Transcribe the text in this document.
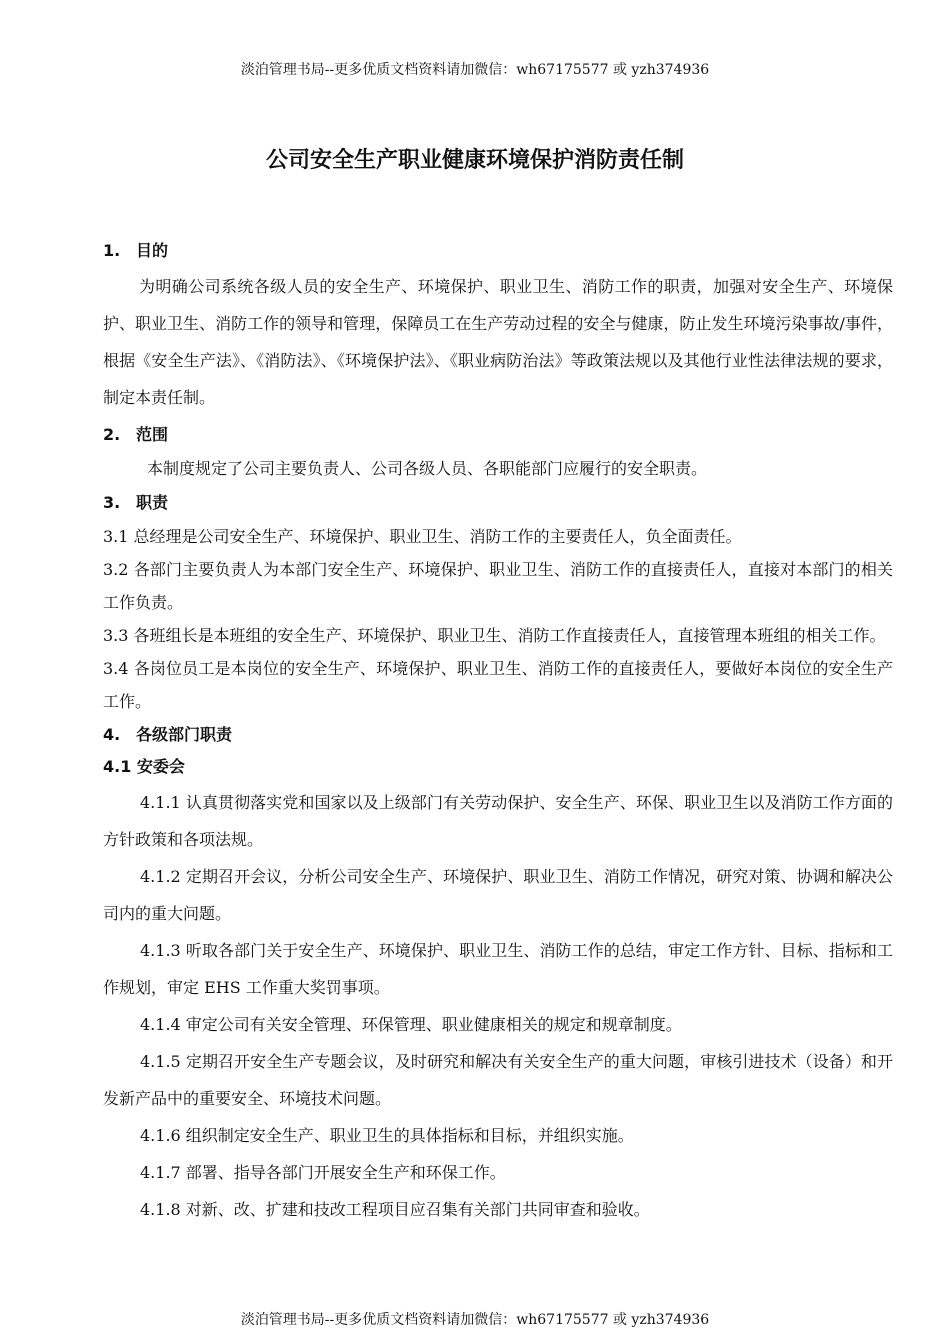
淡泊管理书局--更多优质文档资料请加微信：wh67175577 或 yzh374936
公司安全生产职业健康环境保护消防责任制
1. 目的

为明确公司系统各级人员的安全生产、环境保护、职业卫生、消防工作的职责，加强对安全生产、环境保护、职业卫生、消防工作的领导和管理，保障员工在生产劳动过程的安全与健康，防止发生环境污染事故/事件，根据《安全生产法》、《消防法》、《环境保护法》、《职业病防治法》等政策法规以及其他行业性法律法规的要求，制定本责任制。

2. 范围

本制度规定了公司主要负责人、公司各级人员、各职能部门应履行的安全职责。

3. 职责

3.1 总经理是公司安全生产、环境保护、职业卫生、消防工作的主要责任人，负全面责任。

3.2 各部门主要负责人为本部门安全生产、环境保护、职业卫生、消防工作的直接责任人，直接对本部门的相关工作负责。

3.3 各班组长是本班组的安全生产、环境保护、职业卫生、消防工作直接责任人，直接管理本班组的相关工作。

3.4 各岗位员工是本岗位的安全生产、环境保护、职业卫生、消防工作的直接责任人，要做好本岗位的安全生产工作。

4. 各级部门职责
4.1 安委会

4.1.1 认真贯彻落实党和国家以及上级部门有关劳动保护、安全生产、环保、职业卫生以及消防工作方面的方针政策和各项法规。

4.1.2 定期召开会议，分析公司安全生产、环境保护、职业卫生、消防工作情况，研究对策、协调和解决公司内的重大问题。

4.1.3 听取各部门关于安全生产、环境保护、职业卫生、消防工作的总结，审定工作方针、目标、指标和工作规划，审定 EHS 工作重大奖罚事项。

4.1.4 审定公司有关安全管理、环保管理、职业健康相关的规定和规章制度。

4.1.5 定期召开安全生产专题会议，及时研究和解决有关安全生产的重大问题，审核引进技术（设备）和开发新产品中的重要安全、环境技术问题。

4.1.6 组织制定安全生产、职业卫生的具体指标和目标，并组织实施。

4.1.7 部署、指导各部门开展安全生产和环保工作。

4.1.8 对新、改、扩建和技改工程项目应召集有关部门共同审查和验收。

淡泊管理书局--更多优质文档资料请加微信：wh67175577 或 yzh374936
